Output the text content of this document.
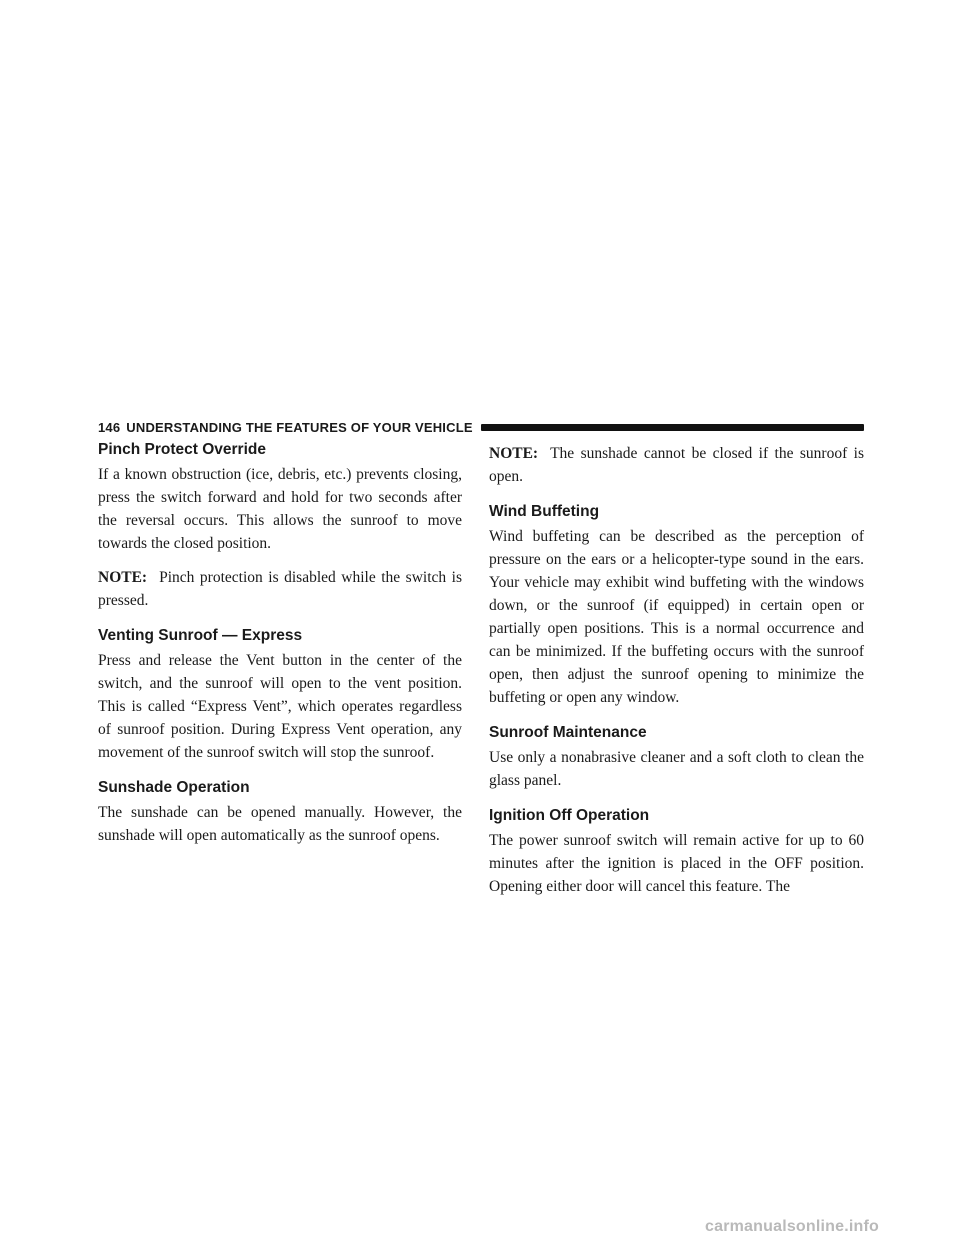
146 UNDERSTANDING THE FEATURES OF YOUR VEHICLE
Pinch Protect Override

If a known obstruction (ice, debris, etc.) prevents closing, press the switch forward and hold for two seconds after the reversal occurs. This allows the sunroof to move towards the closed position.

NOTE: Pinch protection is disabled while the switch is pressed.

Venting Sunroof — Express

Press and release the Vent button in the center of the switch, and the sunroof will open to the vent position. This is called “Express Vent”, which operates regardless of sunroof position. During Express Vent operation, any movement of the sunroof switch will stop the sunroof.

Sunshade Operation

The sunshade can be opened manually. However, the sunshade will open automatically as the sunroof opens.

NOTE: The sunshade cannot be closed if the sunroof is open.

Wind Buffeting

Wind buffeting can be described as the perception of pressure on the ears or a helicopter-type sound in the ears. Your vehicle may exhibit wind buffeting with the windows down, or the sunroof (if equipped) in certain open or partially open positions. This is a normal occurrence and can be minimized. If the buffeting occurs with the sunroof open, then adjust the sunroof opening to minimize the buffeting or open any window.

Sunroof Maintenance

Use only a nonabrasive cleaner and a soft cloth to clean the glass panel.

Ignition Off Operation

The power sunroof switch will remain active for up to 60 minutes after the ignition is placed in the OFF position. Opening either door will cancel this feature. The

carmanualsonline.info
